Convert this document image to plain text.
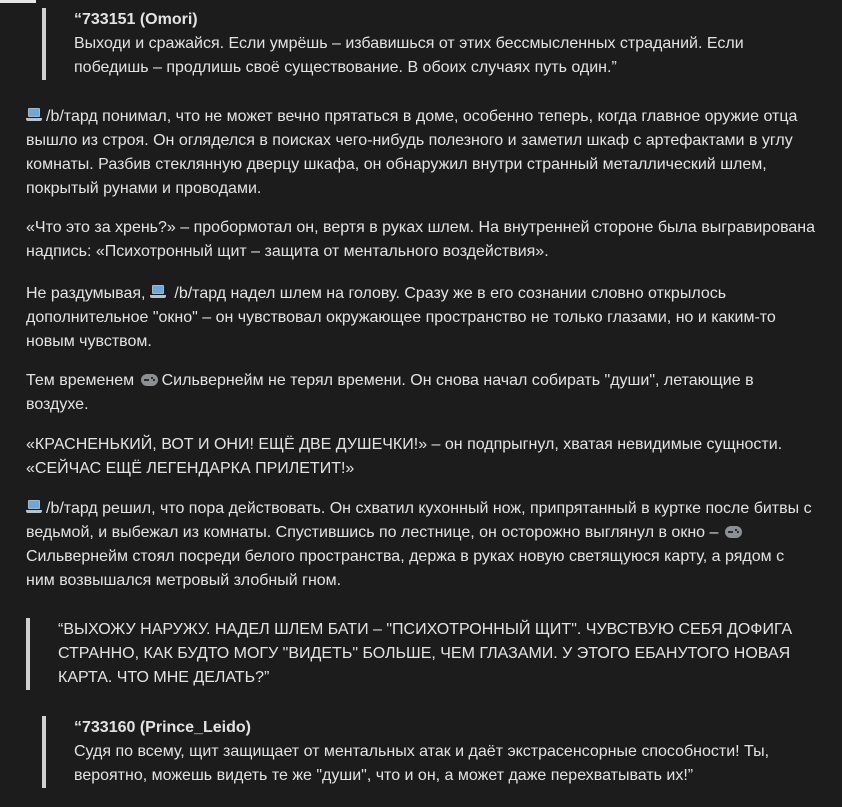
“733151 (Omori)
Выходи и сражайся. Если умрёшь – избавишься от этих бессмысленных страданий. Если победишь – продлишь своё существование. В обоих случаях путь один.”

/b/тард понимал, что не может вечно прятаться в доме, особенно теперь, когда главное оружие отца вышло из строя. Он огляделся в поисках чего-нибудь полезного и заметил шкаф с артефактами в углу комнаты. Разбив стеклянную дверцу шкафа, он обнаружил внутри странный металлический шлем, покрытый рунами и проводами.

«Что это за хрень?» – пробормотал он, вертя в руках шлем. На внутренней стороне была выгравирована надпись: «Психотронный щит – защита от ментального воздействия».

Не раздумывая, /b/тард надел шлем на голову. Сразу же в его сознании словно открылось дополнительное "окно" – он чувствовал окружающее пространство не только глазами, но и каким-то новым чувством.

Тем временем Сильвернейм не терял времени. Он снова начал собирать "души", летающие в воздухе.

«КРАСНЕНЬКИЙ, ВОТ И ОНИ! ЕЩЁ ДВЕ ДУШЕЧКИ!» – он подпрыгнул, хватая невидимые сущности. «СЕЙЧАС ЕЩЁ ЛЕГЕНДАРКА ПРИЛЕТИТ!»

/b/тард решил, что пора действовать. Он схватил кухонный нож, припрятанный в куртке после битвы с ведьмой, и выбежал из комнаты. Спустившись по лестнице, он осторожно выглянул в окно – Сильвернейм стоял посреди белого пространства, держа в руках новую светящуюся карту, а рядом с ним возвышался метровый злобный гном.

“ВЫХОЖУ НАРУЖУ. НАДЕЛ ШЛЕМ БАТИ – "ПСИХОТРОННЫЙ ЩИТ". ЧУВСТВУЮ СЕБЯ ДОФИГА СТРАННО, КАК БУДТО МОГУ "ВИДЕТЬ" БОЛЬШЕ, ЧЕМ ГЛАЗАМИ. У ЭТОГО ЕБАНУТОГО НОВАЯ КАРТА. ЧТО МНЕ ДЕЛАТЬ?”
“733160 (Prince_Leido)
Судя по всему, щит защищает от ментальных атак и даёт экстрасенсорные способности! Ты, вероятно, можешь видеть те же "души", что и он, а может даже перехватывать их!”
